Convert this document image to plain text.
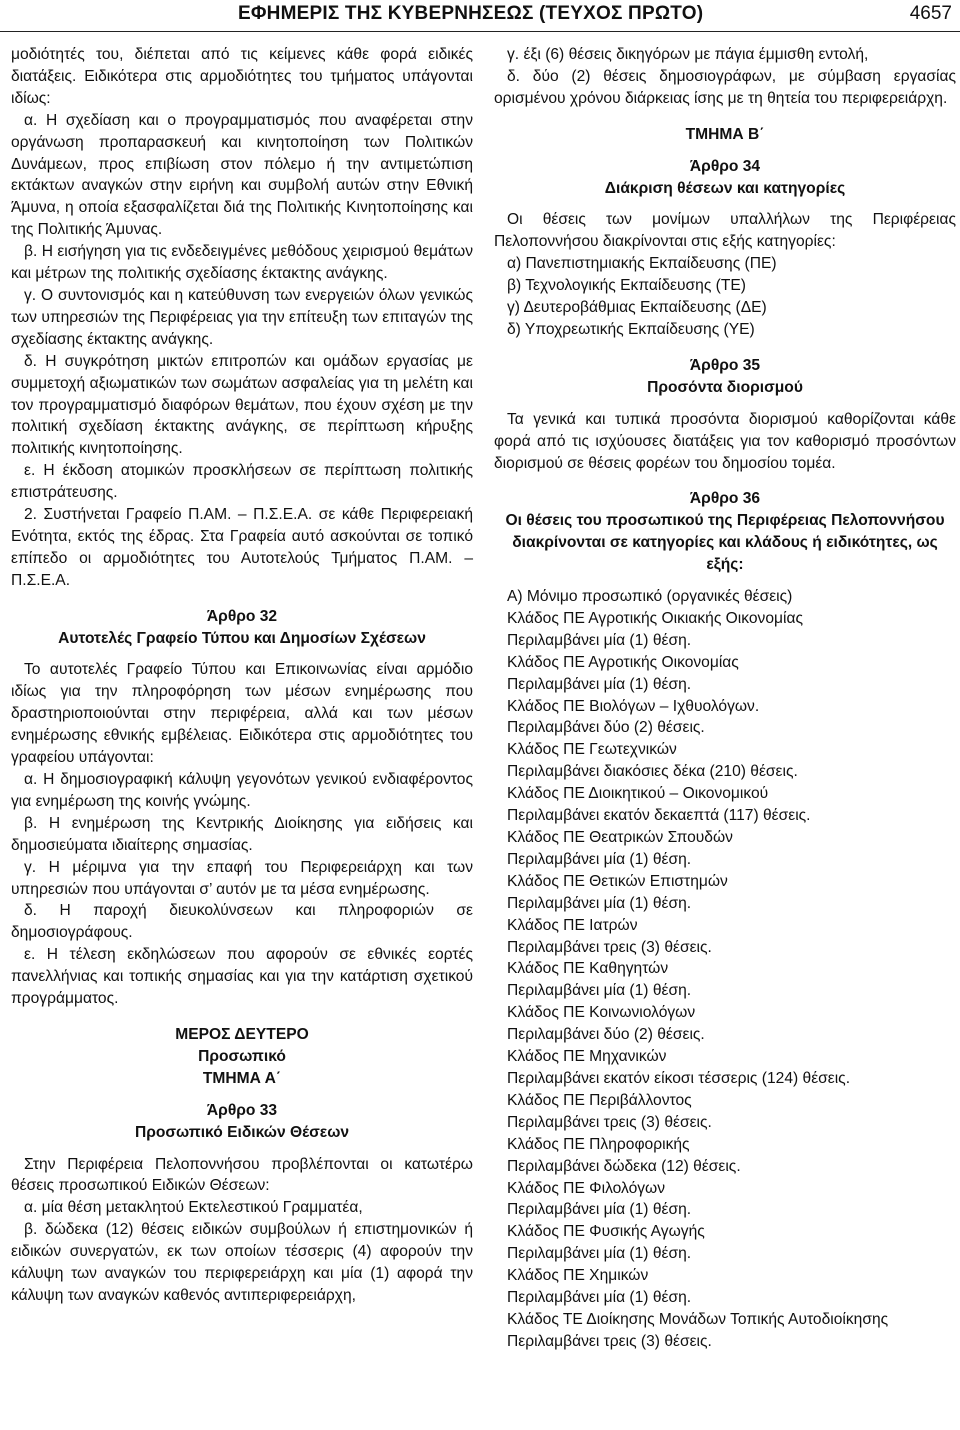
ΕΦΗΜΕΡΙΣ ΤΗΣ ΚΥΒΕΡΝΗΣΕΩΣ (ΤΕΥΧΟΣ ΠΡΩΤΟ)	4657

μοδιότητές του, διέπεται από τις κείμενες κάθε φορά ειδικές διατάξεις. Ειδικότερα στις αρμοδιότητες του τμήματος υπάγονται ιδίως:

α. Η σχεδίαση και ο προγραμματισμός που αναφέρεται στην οργάνωση προπαρασκευή και κινητοποίηση των Πολιτικών Δυνάμεων, προς επιβίωση στον πόλεμο ή την αντιμετώπιση εκτάκτων αναγκών στην ειρήνη και συμβολή αυτών στην Εθνική Άμυνα, η οποία εξασφαλίζεται διά της Πολιτικής Κινητοποίησης και της Πολιτικής Άμυνας.

β. Η εισήγηση για τις ενδεδειγμένες μεθόδους χειρισμού θεμάτων και μέτρων της πολιτικής σχεδίασης έκτακτης ανάγκης.

γ. Ο συντονισμός και η κατεύθυνση των ενεργειών όλων γενικώς των υπηρεσιών της Περιφέρειας για την επίτευξη των επιταγών της σχεδίασης έκτακτης ανάγκης.

δ. Η συγκρότηση μικτών επιτροπών και ομάδων εργασίας με συμμετοχή αξιωματικών των σωμάτων ασφαλείας για τη μελέτη και τον προγραμματισμό διαφόρων θεμάτων, που έχουν σχέση με την πολιτική σχεδίαση έκτακτης ανάγκης, σε περίπτωση κήρυξης πολιτικής κινητοποίησης.

ε. Η έκδοση ατομικών προσκλήσεων σε περίπτωση πολιτικής επιστράτευσης.

2. Συστήνεται Γραφείο Π.ΑΜ. – Π.Σ.Ε.Α. σε κάθε Περιφερειακή Ενότητα, εκτός της έδρας. Στα Γραφεία αυτό ασκούνται σε τοπικό επίπεδο οι αρμοδιότητες του Αυτοτελούς Τμήματος Π.ΑΜ. – Π.Σ.Ε.Α.

Άρθρο 32

Αυτοτελές Γραφείο Τύπου και Δημοσίων Σχέσεων

Το αυτοτελές Γραφείο Τύπου και Επικοινωνίας είναι αρμόδιο ιδίως για την πληροφόρηση των μέσων ενημέρωσης που δραστηριοποιούνται στην περιφέρεια, αλλά και των μέσων ενημέρωσης εθνικής εμβέλειας. Ειδικότερα στις αρμοδιότητες του γραφείου υπάγονται:

α. Η δημοσιογραφική κάλυψη γεγονότων γενικού ενδιαφέροντος για ενημέρωση της κοινής γνώμης.

β. Η ενημέρωση της Κεντρικής Διοίκησης για ειδήσεις και δημοσιεύματα ιδιαίτερης σημασίας.

γ. Η μέριμνα για την επαφή του Περιφερειάρχη και των υπηρεσιών που υπάγονται σ’ αυτόν με τα μέσα ενημέρωσης.

δ. Η παροχή διευκολύνσεων και πληροφοριών σε δημοσιογράφους.

ε. Η τέλεση εκδηλώσεων που αφορούν σε εθνικές εορτές πανελλήνιας και τοπικής σημασίας και για την κατάρτιση σχετικού προγράμματος.

ΜΕΡΟΣ ΔΕΥΤΕΡΟ

Προσωπικό

ΤΜΗΜΑ Α΄

Άρθρο 33

Προσωπικό Ειδικών Θέσεων

Στην Περιφέρεια Πελοποννήσου προβλέπονται οι κατωτέρω θέσεις προσωπικού Ειδικών Θέσεων:

α. μία θέση μετακλητού Εκτελεστικού Γραμματέα,

β. δώδεκα (12) θέσεις ειδικών συμβούλων ή επιστημονικών ή ειδικών συνεργατών, εκ των οποίων τέσσερις (4) αφορούν την κάλυψη των αναγκών του περιφερειάρχη και μία (1) αφορά την κάλυψη των αναγκών καθενός αντιπεριφερειάρχη,

γ. έξι (6) θέσεις δικηγόρων με πάγια έμμισθη εντολή,

δ. δύο (2) θέσεις δημοσιογράφων, με σύμβαση εργασίας ορισμένου χρόνου διάρκειας ίσης με τη θητεία του περιφερειάρχη.

ΤΜΗΜΑ Β΄

Άρθρο 34

Διάκριση θέσεων και κατηγορίες

Οι θέσεις των μονίμων υπαλλήλων της Περιφέρειας Πελοποννήσου διακρίνονται στις εξής κατηγορίες:

α) Πανεπιστημιακής Εκπαίδευσης (ΠΕ)

β) Τεχνολογικής Εκπαίδευσης (ΤΕ)

γ) Δευτεροβάθμιας Εκπαίδευσης (ΔΕ)

δ) Υποχρεωτικής Εκπαίδευσης (ΥΕ)

Άρθρο 35

Προσόντα διορισμού

Τα γενικά και τυπικά προσόντα διορισμού καθορίζονται κάθε φορά από τις ισχύουσες διατάξεις για τον καθορισμό προσόντων διορισμού σε θέσεις φορέων του δημοσίου τομέα.

Άρθρο 36

Οι θέσεις του προσωπικού της Περιφέρειας Πελοποννήσου διακρίνονται σε κατηγορίες και κλάδους ή ειδικότητες, ως εξής:

Α) Μόνιμο προσωπικό (οργανικές θέσεις)

Κλάδος ΠΕ Αγροτικής Οικιακής Οικονομίας

Περιλαμβάνει μία (1) θέση.

Κλάδος ΠΕ Αγροτικής Οικονομίας

Περιλαμβάνει μία (1) θέση.

Κλάδος ΠΕ Βιολόγων – Ιχθυολόγων.

Περιλαμβάνει δύο (2) θέσεις.

Κλάδος ΠΕ Γεωτεχνικών

Περιλαμβάνει διακόσιες δέκα (210) θέσεις.

Κλάδος ΠΕ Διοικητικού – Οικονομικού

Περιλαμβάνει εκατόν δεκαεπτά (117) θέσεις.

Κλάδος ΠΕ Θεατρικών Σπουδών

Περιλαμβάνει μία (1) θέση.

Κλάδος ΠΕ Θετικών Επιστημών

Περιλαμβάνει μία (1) θέση.

Κλάδος ΠΕ Ιατρών

Περιλαμβάνει τρεις (3) θέσεις.

Κλάδος ΠΕ Καθηγητών

Περιλαμβάνει μία (1) θέση.

Κλάδος ΠΕ Κοινωνιολόγων

Περιλαμβάνει δύο (2) θέσεις.

Κλάδος ΠΕ Μηχανικών

Περιλαμβάνει εκατόν είκοσι τέσσερις (124) θέσεις.

Κλάδος ΠΕ Περιβάλλοντος

Περιλαμβάνει τρεις (3) θέσεις.

Κλάδος ΠΕ Πληροφορικής

Περιλαμβάνει δώδεκα (12) θέσεις.

Κλάδος ΠΕ Φιλολόγων

Περιλαμβάνει μία (1) θέση.

Κλάδος ΠΕ Φυσικής Αγωγής

Περιλαμβάνει μία (1) θέση.

Κλάδος ΠΕ Χημικών

Περιλαμβάνει μία (1) θέση.

Κλάδος ΤΕ Διοίκησης Μονάδων Τοπικής Αυτοδιοίκησης

Περιλαμβάνει τρεις (3) θέσεις.
